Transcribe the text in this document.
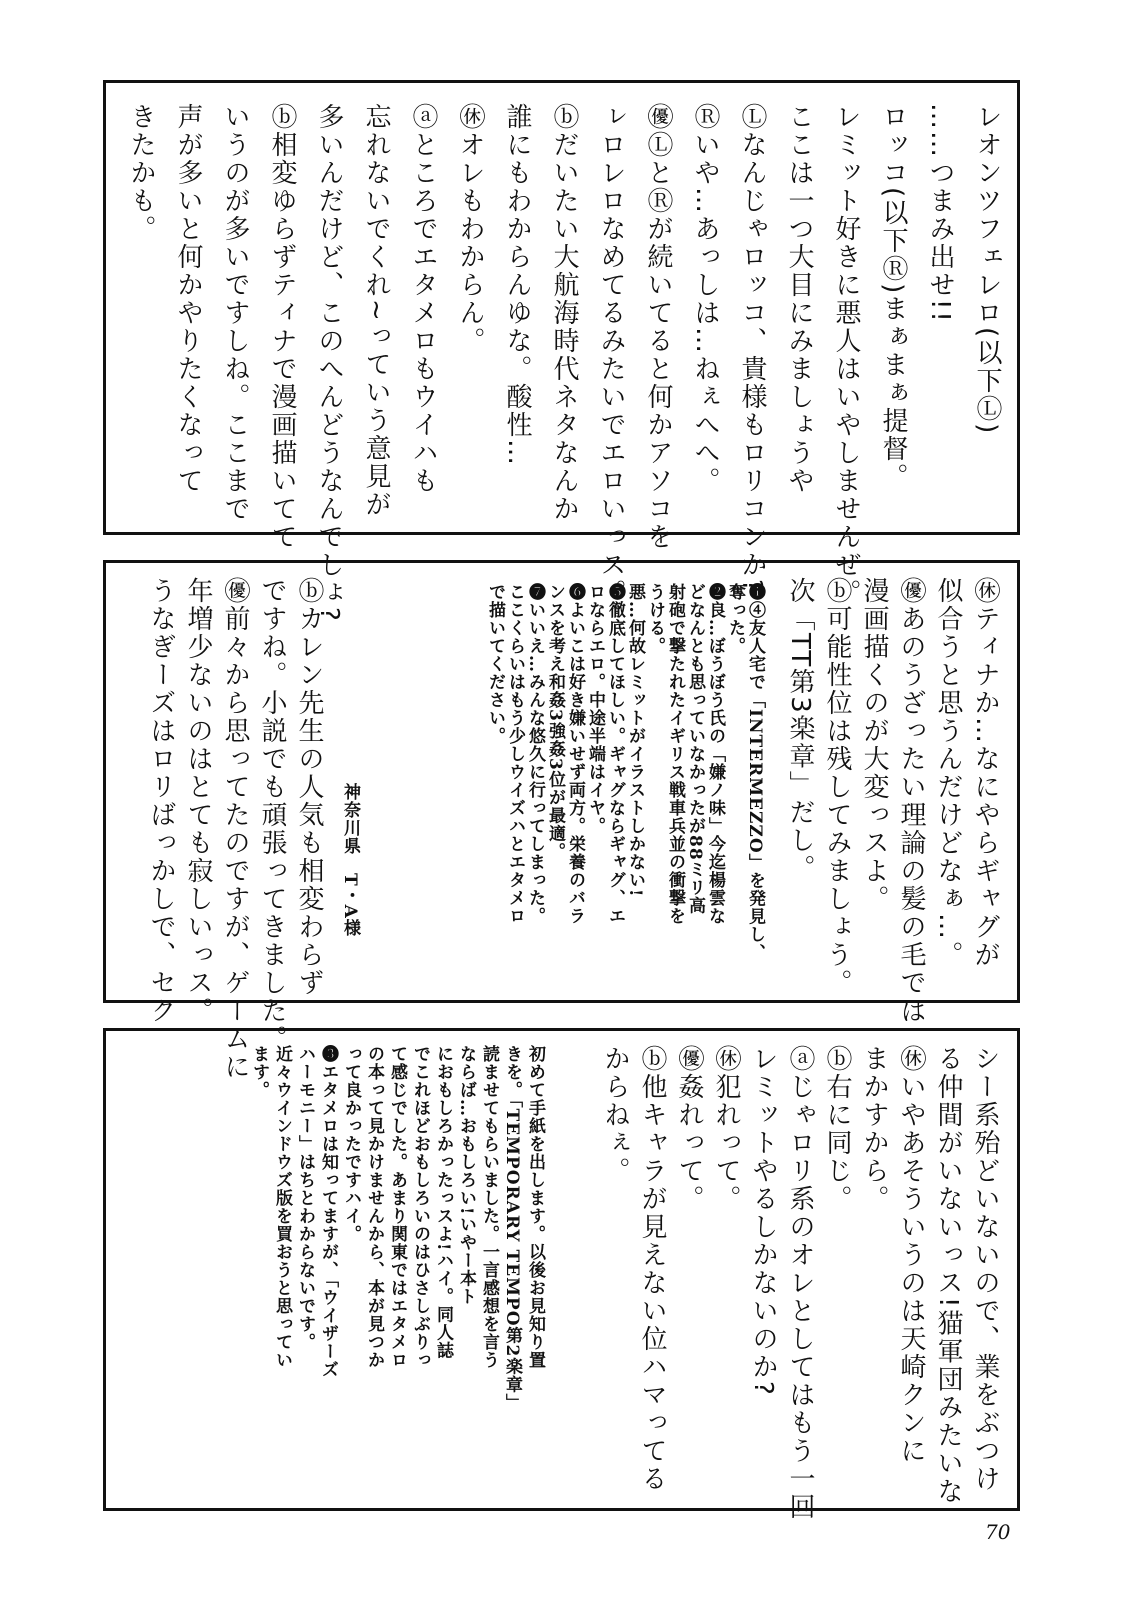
レオンツフェレロ(以下Ⓛ)
……つまみ出せ!!
ロッコ(以下Ⓡ)まぁまぁ提督。
レミット好きに悪人はいやしませんぜ。
ここは一つ大目にみましょうや
Ⓛなんじゃロッコ、貴様もロリコンか?
Ⓡいや…あっしは…ねぇへへ。
㊝ⓁとⓇが続いてると何かアソコを
ㇾロレロなめてるみたいでエロいっス。
ⓑだいたい大航海時代ネタなんか
誰にもわからんゆな。酸性…
㊡オレもわからん。
ⓐところでエタメロもウイハも
忘れないでくれ~っていう意見が
多いんだけど、このへんどうなんでしょ?
ⓑ相変ゆらずティナで漫画描いてて
いうのが多いですしね。ここまで
声が多いと何かやりたくなって
きたかも。
㊡ティナか…なにやらギャグが
似合うと思うんだけどなぁ…。
㊝あのうざったい理論の髪の毛では
漫画描くのが大変っスよ。
ⓑ可能性位は残してみましょう。
次「TT第3楽章」だし。
❶④友人宅で「INTERMEZZO」を発見し、
奪った。
❷良…ぼうぼう氏の「嫌ノ味」今迄楊雲な
どなんとも思っていなかったが88ミリ高
射砲で撃たれたイギリス戦車兵並の衝撃を
うける。
悪…何故レミットがイラストしかない!
❺徹底してほしい。ギャグならギャグ、エ
ロならエロ。中途半端はイヤ。
❻よいこは好き嫌いせず両方。栄養のバラ
ンスを考え和姦3強姦3位が最適。
❼いいえ…みんな悠久に行ってしまった。
ここくらいはもう少しウイズハとエタメロ
で描いてください。
ⓑカレン先生の人気も相変わらず
ですね。小説でも頑張ってきました。
㊝前々から思ってたのですが、ゲームに
年増少ないのはとても寂しいっス。
うなぎーズはロリばっかしで、セク	神奈川県　T・A様
シー系殆どいないので、業をぶつけ
る仲間がいないっス!猫軍団みたいな
㊡いやあそういうのは天崎クンに
まかすから。
ⓑ右に同じ。
ⓐじゃロリ系のオレとしてはもう一回
レミットやるしかないのか?
㊡犯れって。
㊝姦れって。
ⓑ他キャラが見えない位ハマってる
からねぇ。
初めて手紙を出します。以後お見知り置
きを。「TEMPORARY TEMPO第2楽章」
読ませてもらいました。一言感想を言う
ならば…おもしろい!いやー本ト
におもしろかったっスよ!ハイ。同人誌
でこれほどおもしろいのはひさしぶりっ
て感じでした。あまり関東ではエタメロ
の本って見かけませんから、本が見つか
って良かったですハイ。
❸エタメロは知ってますが、「ウイザーズ
ハーモニー」はちとわからないです。
近々ウインドウズ版を買おうと思ってい
ます。
70
